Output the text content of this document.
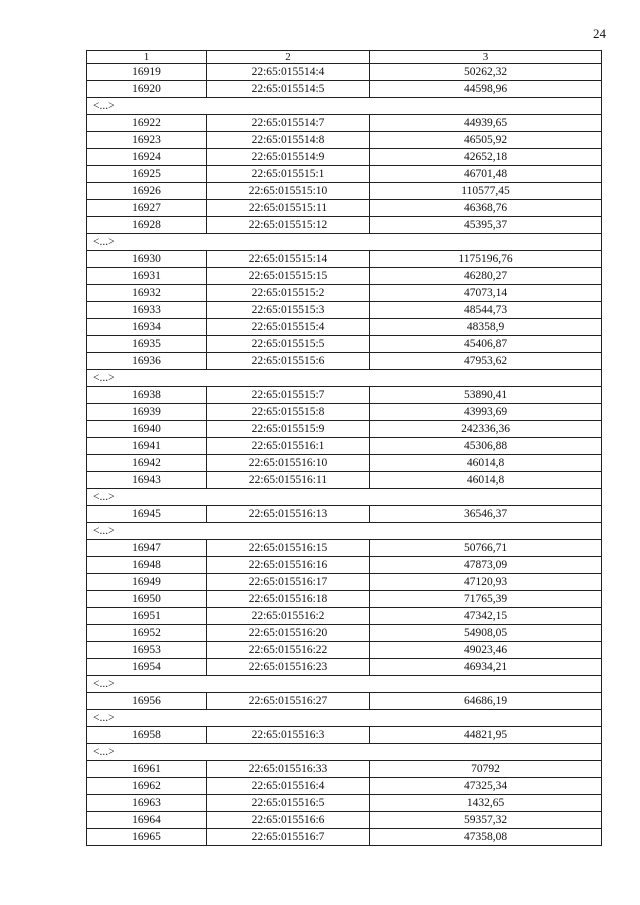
24
1	2	3
16919	22:65:015514:4	50262,32
16920	22:65:015514:5	44598,96
<...>		
16922	22:65:015514:7	44939,65
16923	22:65:015514:8	46505,92
16924	22:65:015514:9	42652,18
16925	22:65:015515:1	46701,48
16926	22:65:015515:10	110577,45
16927	22:65:015515:11	46368,76
16928	22:65:015515:12	45395,37
<...>		
16930	22:65:015515:14	1175196,76
16931	22:65:015515:15	46280,27
16932	22:65:015515:2	47073,14
16933	22:65:015515:3	48544,73
16934	22:65:015515:4	48358,9
16935	22:65:015515:5	45406,87
16936	22:65:015515:6	47953,62
<...>		
16938	22:65:015515:7	53890,41
16939	22:65:015515:8	43993,69
16940	22:65:015515:9	242336,36
16941	22:65:015516:1	45306,88
16942	22:65:015516:10	46014,8
16943	22:65:015516:11	46014,8
<...>		
16945	22:65:015516:13	36546,37
<...>		
16947	22:65:015516:15	50766,71
16948	22:65:015516:16	47873,09
16949	22:65:015516:17	47120,93
16950	22:65:015516:18	71765,39
16951	22:65:015516:2	47342,15
16952	22:65:015516:20	54908,05
16953	22:65:015516:22	49023,46
16954	22:65:015516:23	46934,21
<...>		
16956	22:65:015516:27	64686,19
<...>		
16958	22:65:015516:3	44821,95
<...>		
16961	22:65:015516:33	70792
16962	22:65:015516:4	47325,34
16963	22:65:015516:5	1432,65
16964	22:65:015516:6	59357,32
16965	22:65:015516:7	47358,08
